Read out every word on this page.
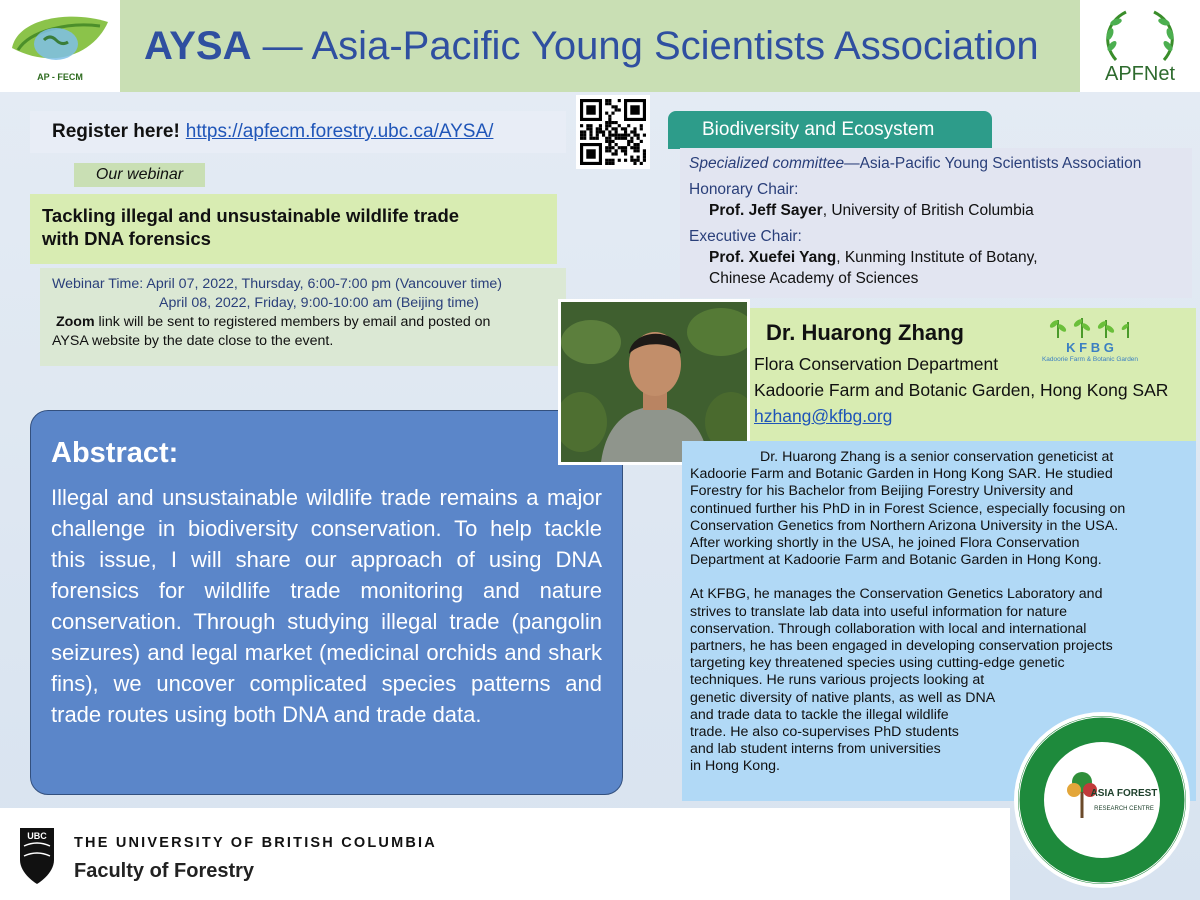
AP - FECM
AYSA — Asia-Pacific Young Scientists Association
APFNet
Register here! https://apfecm.forestry.ubc.ca/AYSA/
Our webinar
Tackling illegal and unsustainable wildlife trade
with DNA forensics
Webinar Time: April 07, 2022, Thursday, 6:00-7:00 pm (Vancouver time)
April 08, 2022, Friday, 9:00-10:00 am (Beijing time)
Zoom link will be sent to registered members by email and posted on
AYSA website by the date close to the event.
Abstract:
Illegal and unsustainable wildlife trade remains a major challenge in biodiversity conservation. To help tackle this issue, I will share our approach of using DNA forensics for wildlife trade monitoring and nature conservation. Through studying illegal trade (pangolin seizures) and legal market (medicinal orchids and shark fins), we uncover complicated species patterns and trade routes using both DNA and trade data.
Biodiversity and Ecosystem
Specialized committee—Asia-Pacific Young Scientists Association
Honorary Chair:
Prof. Jeff Sayer, University of British Columbia
Executive Chair:
Prof. Xuefei Yang, Kunming Institute of Botany,
Chinese Academy of Sciences
Dr. Huarong Zhang
Flora Conservation Department
Kadoorie Farm and Botanic Garden, Hong Kong SAR
hzhang@kfbg.org
K F B G
Kadoorie Farm & Botanic Garden

Dr. Huarong Zhang is a senior conservation geneticist at
Kadoorie Farm and Botanic Garden in Hong Kong SAR. He studied
Forestry for his Bachelor from Beijing Forestry University and
continued further his PhD in in Forest Science, especially focusing on
Conservation Genetics from Northern Arizona University in the USA.
After working shortly in the USA, he joined Flora Conservation
Department at Kadoorie Farm and Botanic Garden in Hong Kong.

At KFBG, he manages the Conservation Genetics Laboratory and
strives to translate lab data into useful information for nature
conservation. Through collaboration with local and international
partners, he has been engaged in developing conservation projects
targeting key threatened species using cutting-edge genetic
techniques. He runs various projects looking at
genetic diversity of native plants, as well as DNA
and trade data to tackle the illegal wildlife
trade. He also co-supervises PhD students
and lab student interns from universities
in Hong Kong.

ASIA FOREST
RESEARCH CENTRE
UBC THE UNIVERSITY OF BRITISH COLUMBIA
Faculty of Forestry
